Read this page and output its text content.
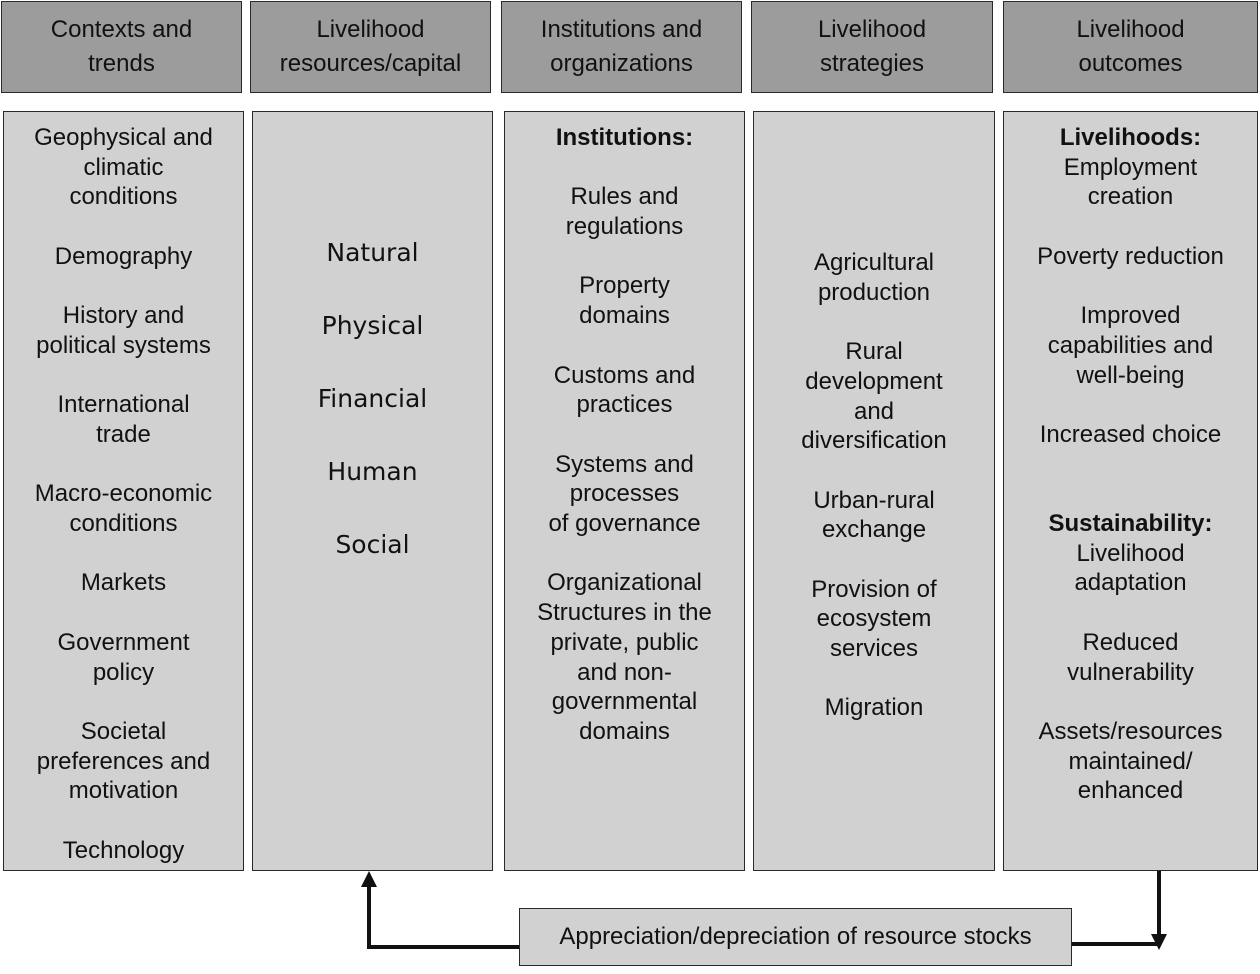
Contexts and
trends
Livelihood
resources/capital
Institutions and
organizations
Livelihood
strategies
Livelihood
outcomes
Geophysical and
climatic
conditions
Demography
History and
political systems
International
trade
Macro-economic
conditions
Markets
Government
policy
Societal
preferences and
motivation
Technology
Natural
Physical
Financial
Human
Social
Institutions:
Rules and
regulations
Property
domains
Customs and
practices
Systems and
processes
of governance
Organizational
Structures in the
private, public
and non-
governmental
domains
Agricultural
production
Rural
development
and
diversification
Urban-rural
exchange
Provision of
ecosystem
services
Migration
Livelihoods:
Employment
creation
Poverty reduction
Improved
capabilities and
well-being
Increased choice
Sustainability:
Livelihood
adaptation
Reduced
vulnerability
Assets/resources
maintained/
enhanced
Appreciation/depreciation of resource stocks
